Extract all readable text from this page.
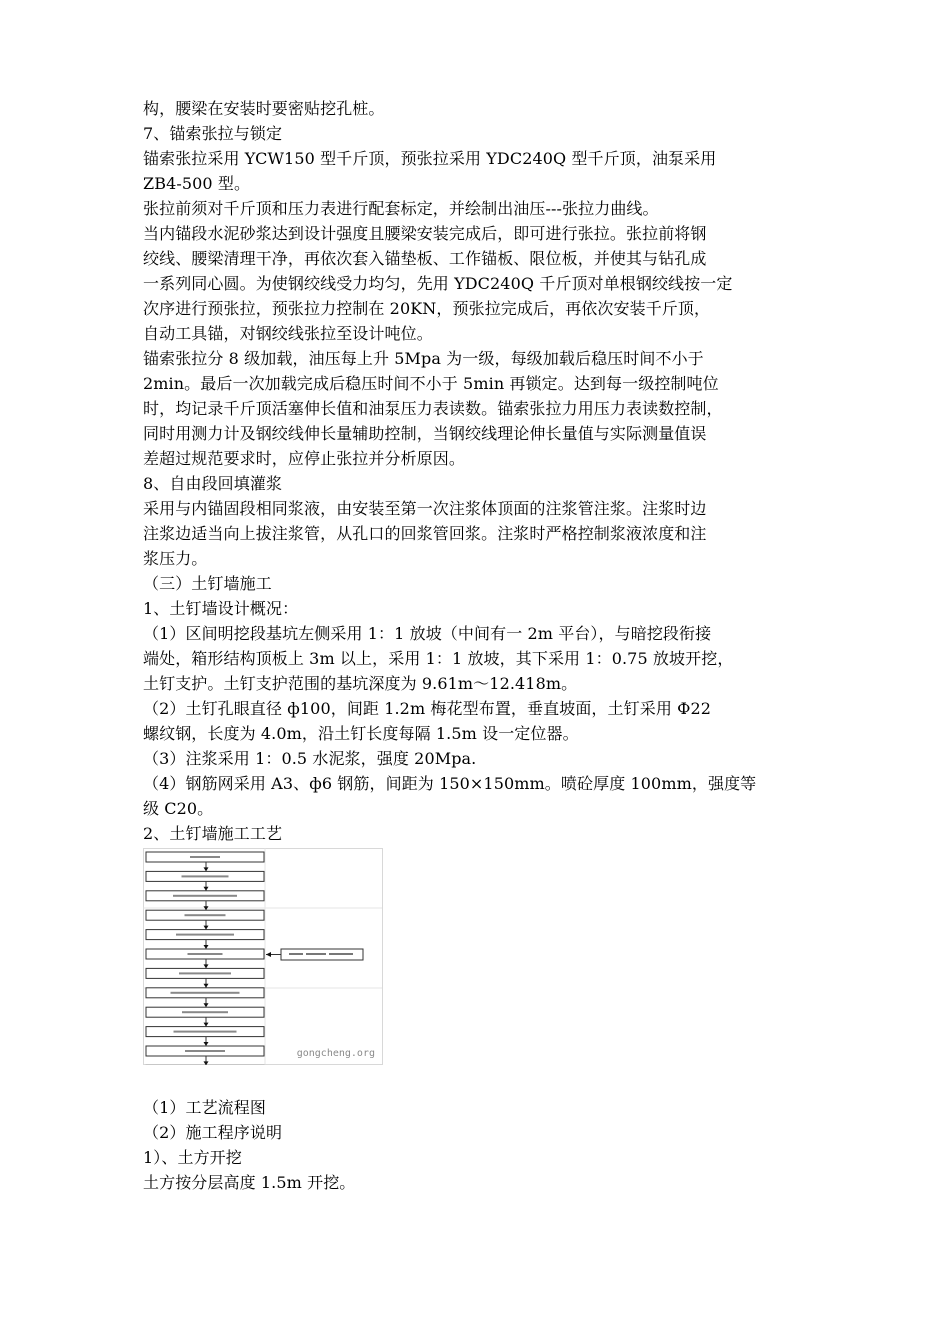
构，腰梁在安装时要密贴挖孔桩。
7、锚索张拉与锁定
锚索张拉采用 YCW150 型千斤顶，预张拉采用 YDC240Q 型千斤顶，油泵采用
ZB4-500 型。
张拉前须对千斤顶和压力表进行配套标定，并绘制出油压---张拉力曲线。
当内锚段水泥砂浆达到设计强度且腰梁安装完成后，即可进行张拉。张拉前将钢
绞线、腰梁清理干净，再依次套入锚垫板、工作锚板、限位板，并使其与钻孔成
一系列同心圆。为使钢绞线受力均匀，先用 YDC240Q 千斤顶对单根钢绞线按一定
次序进行预张拉，预张拉力控制在 20KN，预张拉完成后，再依次安装千斤顶，
自动工具锚，对钢绞线张拉至设计吨位。
锚索张拉分 8 级加载，油压每上升 5Mpa 为一级，每级加载后稳压时间不小于
2min。最后一次加载完成后稳压时间不小于 5min 再锁定。达到每一级控制吨位
时，均记录千斤顶活塞伸长值和油泵压力表读数。锚索张拉力用压力表读数控制，
同时用测力计及钢绞线伸长量辅助控制，当钢绞线理论伸长量值与实际测量值误
差超过规范要求时，应停止张拉并分析原因。
8、自由段回填灌浆
采用与内锚固段相同浆液，由安装至第一次注浆体顶面的注浆管注浆。注浆时边
注浆边适当向上拔注浆管，从孔口的回浆管回浆。注浆时严格控制浆液浓度和注
浆压力。
（三）土钉墙施工
1、土钉墙设计概况：
（1）区间明挖段基坑左侧采用 1：1 放坡（中间有一 2m 平台），与暗挖段衔接
端处，箱形结构顶板上 3m 以上，采用 1：1 放坡，其下采用 1：0.75 放坡开挖，
土钉支护。土钉支护范围的基坑深度为 9.61m～12.418m。
（2）土钉孔眼直径 ф100，间距 1.2m 梅花型布置，垂直坡面，土钉采用 Ф22
螺纹钢，长度为 4.0m，沿土钉长度每隔 1.5m 设一定位器。
（3）注浆采用 1：0.5 水泥浆，强度 20Mpa.
（4）钢筋网采用 A3、ф6 钢筋，间距为 150×150mm。喷砼厚度 100mm，强度等
级 C20。
2、土钉墙施工工艺
gongcheng.org
（1）工艺流程图
（2）施工程序说明
1）、土方开挖
土方按分层高度 1.5m 开挖。
